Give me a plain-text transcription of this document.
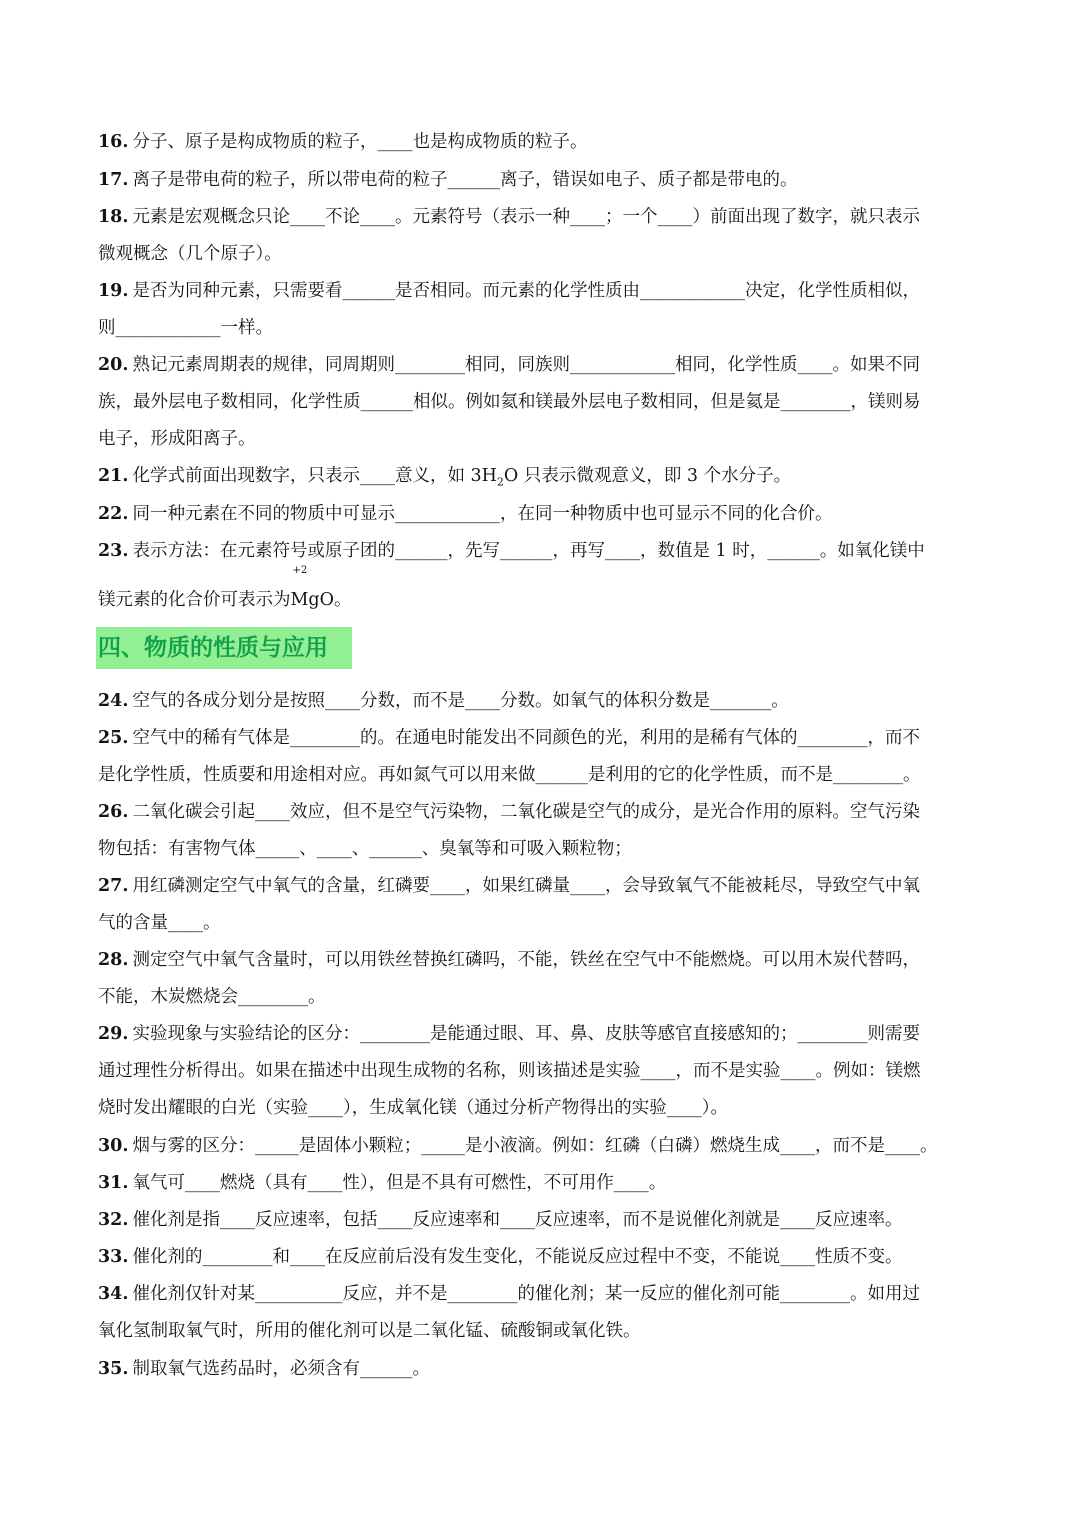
16. 分子、原子是构成物质的粒子，____也是构成物质的粒子。
17. 离子是带电荷的粒子，所以带电荷的粒子______离子，错误如电子、质子都是带电的。
18. 元素是宏观概念只论____不论____。元素符号（表示一种____；一个____）前面出现了数字，就只表示
微观概念（几个原子）。
19. 是否为同种元素，只需要看______是否相同。而元素的化学性质由____________决定，化学性质相似，
则____________一样。
20. 熟记元素周期表的规律，同周期则________相同，同族则____________相同，化学性质____。如果不同
族，最外层电子数相同，化学性质______相似。例如氦和镁最外层电子数相同，但是氦是________，镁则易
电子，形成阳离子。
21. 化学式前面出现数字，只表示____意义，如 $3H_2O$ 只表示微观意义，即 3 个水分子。
22. 同一种元素在不同的物质中可显示____________，在同一种物质中也可显示不同的化合价。
23. 表示方法：在元素符号或原子团的______，先写______，再写____，数值是 1 时，______。如氧化镁中
镁元素的化合价可表示为
+2
MgO。
四、物质的性质与应用
24. 空气的各成分划分是按照____分数，而不是____分数。如氧气的体积分数是_______。
25. 空气中的稀有气体是________的。在通电时能发出不同颜色的光，利用的是稀有气体的________，而不
是化学性质，性质要和用途相对应。再如氮气可以用来做______是利用的它的化学性质，而不是________。
26. 二氧化碳会引起____效应，但不是空气污染物，二氧化碳是空气的成分，是光合作用的原料。空气污染
物包括：有害物气体_____、____、______、臭氧等和可吸入颗粒物；
27. 用红磷测定空气中氧气的含量，红磷要____，如果红磷量____，会导致氧气不能被耗尽，导致空气中氧
气的含量____。
28. 测定空气中氧气含量时，可以用铁丝替换红磷吗，不能，铁丝在空气中不能燃烧。可以用木炭代替吗，
不能，木炭燃烧会________。
29. 实验现象与实验结论的区分：________是能通过眼、耳、鼻、皮肤等感官直接感知的；________则需要
通过理性分析得出。如果在描述中出现生成物的名称，则该描述是实验____，而不是实验____。例如：镁燃
烧时发出耀眼的白光（实验____），生成氧化镁（通过分析产物得出的实验____）。
30. 烟与雾的区分：_____是固体小颗粒；_____是小液滴。例如：红磷（白磷）燃烧生成____，而不是____。
31. 氧气可____燃烧（具有____性），但是不具有可燃性，不可用作____。
32. 催化剂是指____反应速率，包括____反应速率和____反应速率，而不是说催化剂就是____反应速率。
33. 催化剂的________和____在反应前后没有发生变化，不能说反应过程中不变，不能说____性质不变。
34. 催化剂仅针对某__________反应，并不是________的催化剂；某一反应的催化剂可能________。如用过
氧化氢制取氧气时，所用的催化剂可以是二氧化锰、硫酸铜或氧化铁。
35. 制取氧气选药品时，必须含有______。
